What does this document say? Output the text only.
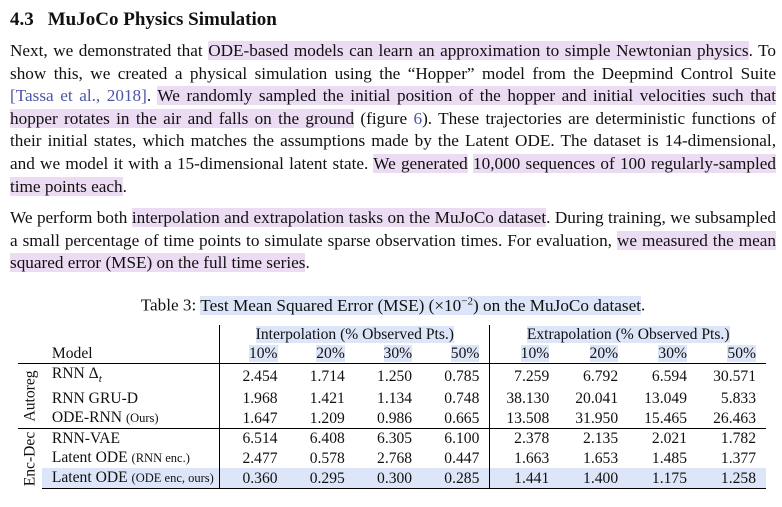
4.3 MuJoCo Physics Simulation
Next, we demonstrated that ODE-based models can learn an approximation to simple Newtonian physics. To show this, we created a physical simulation using the “Hopper” model from the Deepmind Control Suite [Tassa et al., 2018]. We randomly sampled the initial position of the hopper and initial velocities such that hopper rotates in the air and falls on the ground (figure 6). These trajectories are deterministic functions of their initial states, which matches the assumptions made by the Latent ODE. The dataset is 14-dimensional, and we model it with a 15-dimensional latent state. We generated 10,000 sequences of 100 regularly-sampled time points each.
We perform both interpolation and extrapolation tasks on the MuJoCo dataset. During training, we subsampled a small percentage of time points to simulate sparse observation times. For evaluation, we measured the mean squared error (MSE) on the full time series.
Table 3: Test Mean Squared Error (MSE) $(\times 10^{-2})$ on the MuJoCo dataset.
		Interpolation (% Observed Pts.)				Extrapolation (% Observed Pts.)			
	Model	10%	20%	30%	50%	10%	20%	30%	50%

Autoreg	RNN $\Delta_t$	2.454	1.714	1.250	0.785	7.259	6.792	6.594	30.571
	RNN GRU-D	1.968	1.421	1.134	0.748	38.130	20.041	13.049	5.833
	ODE-RNN (Ours)	1.647	1.209	0.986	0.665	13.508	31.950	15.465	26.463

Enc-Dec	RNN-VAE	6.514	6.408	6.305	6.100	2.378	2.135	2.021	1.782
	Latent ODE (RNN enc.)	2.477	0.578	2.768	0.447	1.663	1.653	1.485	1.377
	Latent ODE (ODE enc, ours)	0.360	0.295	0.300	0.285	1.441	1.400	1.175	1.258
